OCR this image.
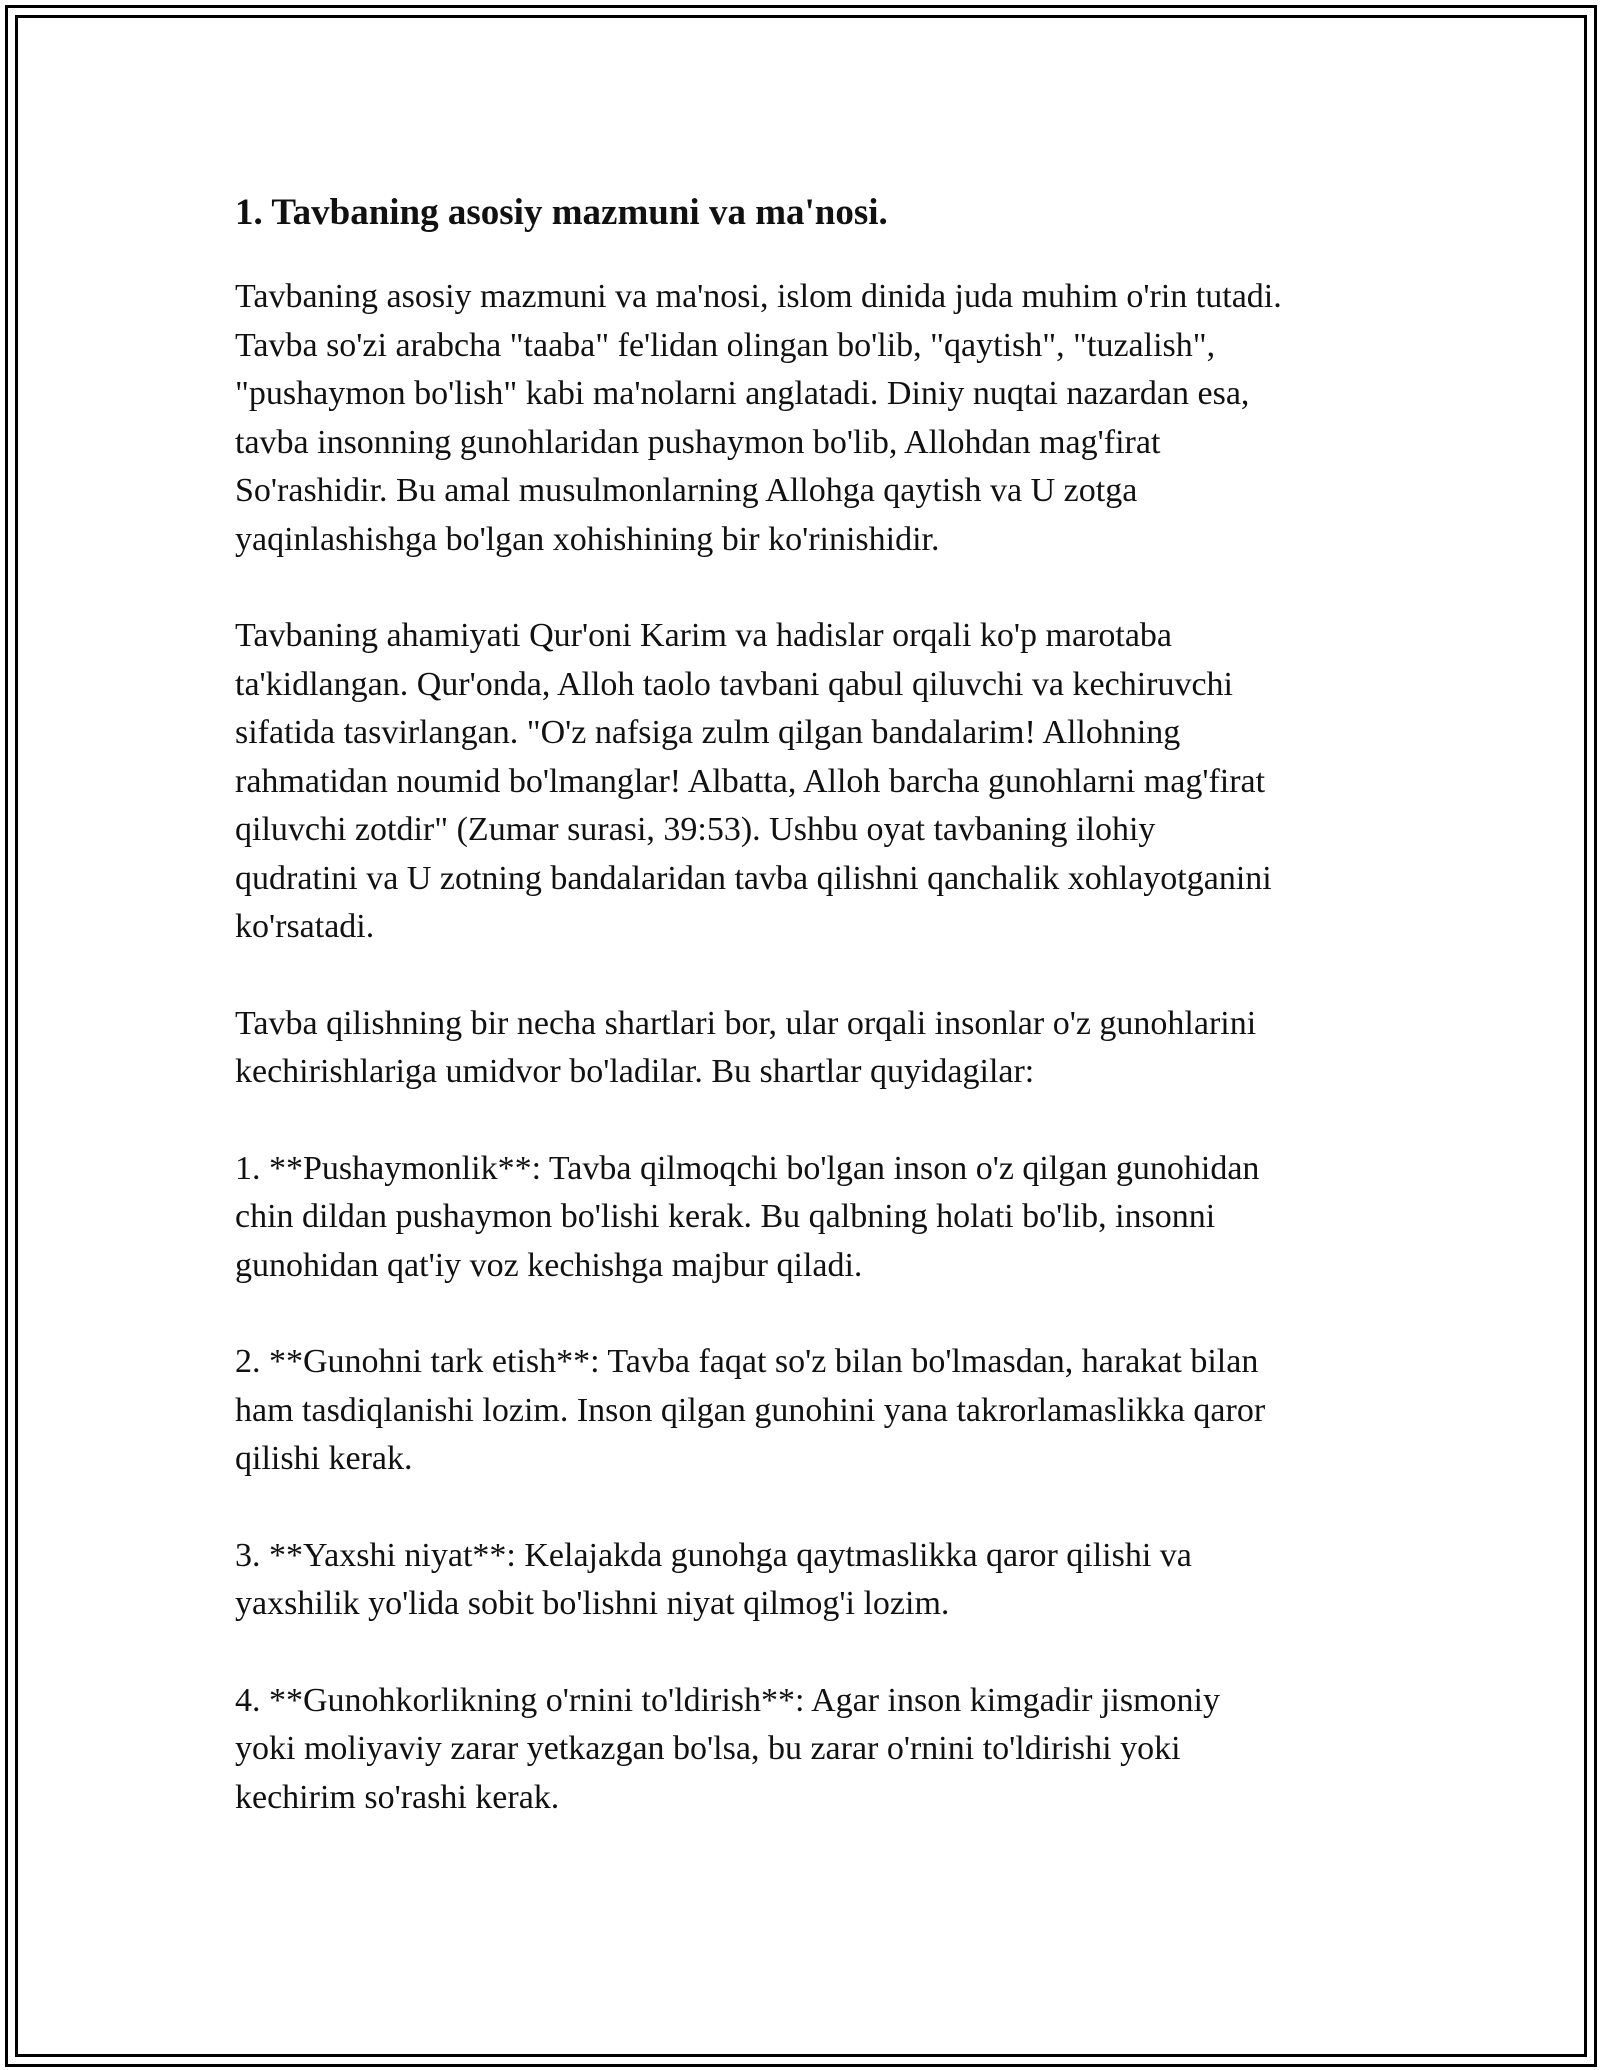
1. Tavbaning asosiy mazmuni va ma'nosi.

Tavbaning asosiy mazmuni va ma'nosi, islom dinida juda muhim o'rin tutadi.
Tavba so'zi arabcha "taaba" fe'lidan olingan bo'lib, "qaytish", "tuzalish",
"pushaymon bo'lish" kabi ma'nolarni anglatadi. Diniy nuqtai nazardan esa,
tavba insonning gunohlaridan pushaymon bo'lib, Allohdan mag'firat
So'rashidir. Bu amal musulmonlarning Allohga qaytish va U zotga
yaqinlashishga bo'lgan xohishining bir ko'rinishidir.

Tavbaning ahamiyati Qur'oni Karim va hadislar orqali ko'p marotaba
ta'kidlangan. Qur'onda, Alloh taolo tavbani qabul qiluvchi va kechiruvchi
sifatida tasvirlangan. "O'z nafsiga zulm qilgan bandalarim! Allohning
rahmatidan noumid bo'lmanglar! Albatta, Alloh barcha gunohlarni mag'firat
qiluvchi zotdir" (Zumar surasi, 39:53). Ushbu oyat tavbaning ilohiy
qudratini va U zotning bandalaridan tavba qilishni qanchalik xohlayotganini
ko'rsatadi.

Tavba qilishning bir necha shartlari bor, ular orqali insonlar o'z gunohlarini
kechirishlariga umidvor bo'ladilar. Bu shartlar quyidagilar:

1. **Pushaymonlik**: Tavba qilmoqchi bo'lgan inson o'z qilgan gunohidan
chin dildan pushaymon bo'lishi kerak. Bu qalbning holati bo'lib, insonni
gunohidan qat'iy voz kechishga majbur qiladi.

2. **Gunohni tark etish**: Tavba faqat so'z bilan bo'lmasdan, harakat bilan
ham tasdiqlanishi lozim. Inson qilgan gunohini yana takrorlamaslikka qaror
qilishi kerak.

3. **Yaxshi niyat**: Kelajakda gunohga qaytmaslikka qaror qilishi va
yaxshilik yo'lida sobit bo'lishni niyat qilmog'i lozim.

4. **Gunohkorlikning o'rnini to'ldirish**: Agar inson kimgadir jismoniy
yoki moliyaviy zarar yetkazgan bo'lsa, bu zarar o'rnini to'ldirishi yoki
kechirim so'rashi kerak.
